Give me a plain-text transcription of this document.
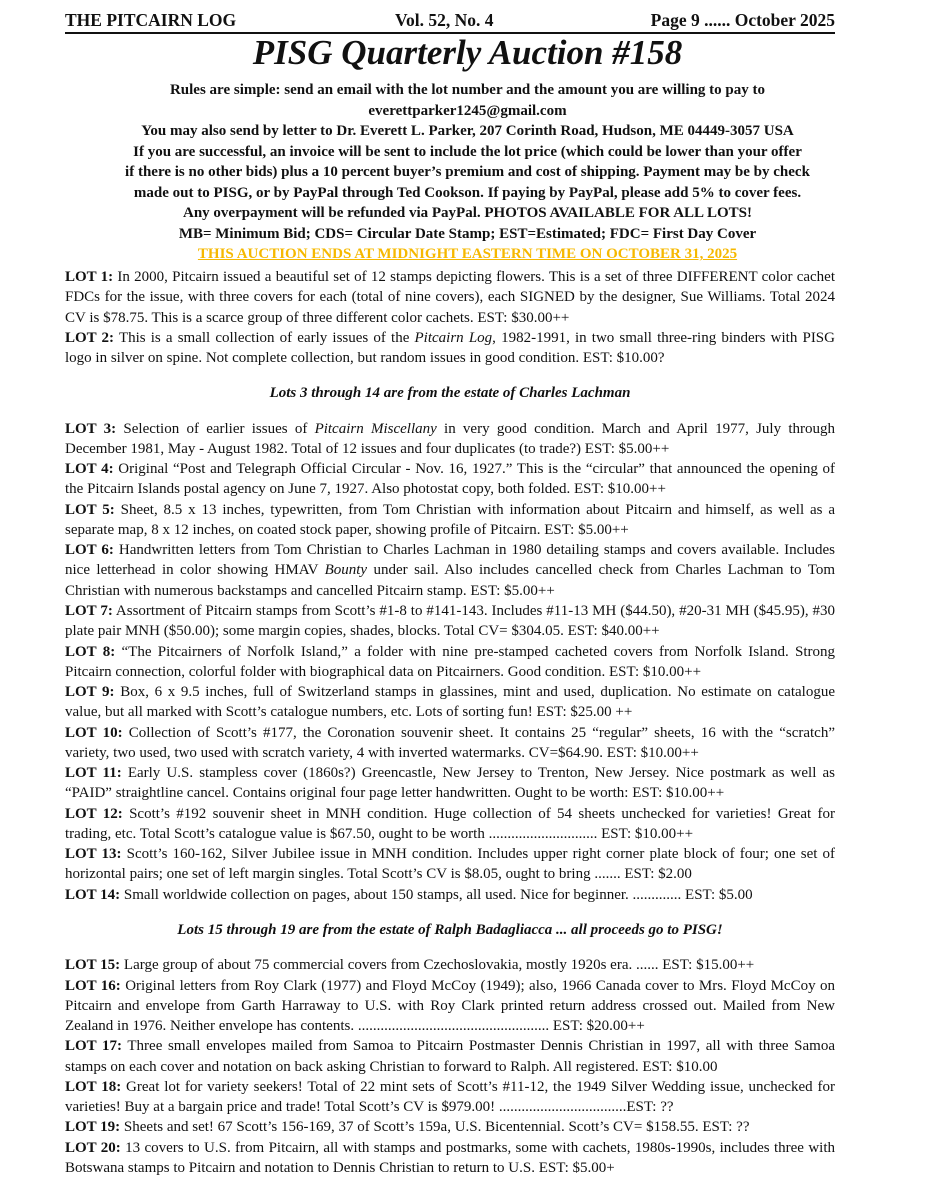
THE PITCAIRN LOG	Vol. 52, No. 4	Page 9 ...... October 2025
PISG Quarterly Auction #158
Rules are simple: send an email with the lot number and the amount you are willing to pay to
everettparker1245@gmail.com
You may also send by letter to Dr. Everett L. Parker, 207 Corinth Road, Hudson, ME 04449-3057 USA
If you are successful, an invoice will be sent to include the lot price (which could be lower than your offer
if there is no other bids) plus a 10 percent buyer’s premium and cost of shipping. Payment may be by check
made out to PISG, or by PayPal through Ted Cookson. If paying by PayPal, please add 5% to cover fees.
Any overpayment will be refunded via PayPal. PHOTOS AVAILABLE FOR ALL LOTS!
MB= Minimum Bid; CDS= Circular Date Stamp; EST=Estimated; FDC= First Day Cover
THIS AUCTION ENDS AT MIDNIGHT EASTERN TIME ON OCTOBER 31, 2025

LOT 1: In 2000, Pitcairn issued a beautiful set of 12 stamps depicting flowers. This is a set of three DIFFERENT color cachet FDCs for the issue, with three covers for each (total of nine covers), each SIGNED by the designer, Sue Williams. Total 2024 CV is $78.75. This is a scarce group of three different color cachets. EST: $30.00++

LOT 2: This is a small collection of early issues of the Pitcairn Log, 1982-1991, in two small three-ring binders with PISG logo in silver on spine. Not complete collection, but random issues in good condition. EST: $10.00?

Lots 3 through 14 are from the estate of Charles Lachman

LOT 3: Selection of earlier issues of Pitcairn Miscellany in very good condition. March and April 1977, July through December 1981, May - August 1982. Total of 12 issues and four duplicates (to trade?) EST: $5.00++

LOT 4: Original “Post and Telegraph Official Circular - Nov. 16, 1927.” This is the “circular” that announced the opening of the Pitcairn Islands postal agency on June 7, 1927. Also photostat copy, both folded. EST: $10.00++

LOT 5: Sheet, 8.5 x 13 inches, typewritten, from Tom Christian with information about Pitcairn and himself, as well as a separate map, 8 x 12 inches, on coated stock paper, showing profile of Pitcairn. EST: $5.00++

LOT 6: Handwritten letters from Tom Christian to Charles Lachman in 1980 detailing stamps and covers available. Includes nice letterhead in color showing HMAV Bounty under sail. Also includes cancelled check from Charles Lachman to Tom Christian with numerous backstamps and cancelled Pitcairn stamp. EST: $5.00++

LOT 7: Assortment of Pitcairn stamps from Scott’s #1-8 to #141-143. Includes #11-13 MH ($44.50), #20-31 MH ($45.95), #30 plate pair MNH ($50.00); some margin copies, shades, blocks. Total CV= $304.05. EST: $40.00++

LOT 8: “The Pitcairners of Norfolk Island,” a folder with nine pre-stamped cacheted covers from Norfolk Island. Strong Pitcairn connection, colorful folder with biographical data on Pitcairners. Good condition. EST: $10.00++

LOT 9: Box, 6 x 9.5 inches, full of Switzerland stamps in glassines, mint and used, duplication. No estimate on catalogue value, but all marked with Scott’s catalogue numbers, etc. Lots of sorting fun! EST: $25.00 ++

LOT 10: Collection of Scott’s #177, the Coronation souvenir sheet. It contains 25 “regular” sheets, 16 with the “scratch” variety, two used, two used with scratch variety, 4 with inverted watermarks. CV=$64.90. EST: $10.00++

LOT 11: Early U.S. stampless cover (1860s?) Greencastle, New Jersey to Trenton, New Jersey. Nice postmark as well as “PAID” straightline cancel. Contains original four page letter handwritten. Ought to be worth: EST: $10.00++

LOT 12: Scott’s #192 souvenir sheet in MNH condition. Huge collection of 54 sheets unchecked for varieties! Great for trading, etc. Total Scott’s catalogue value is $67.50, ought to be worth ............................. EST: $10.00++

LOT 13: Scott’s 160-162, Silver Jubilee issue in MNH condition. Includes upper right corner plate block of four; one set of horizontal pairs; one set of left margin singles. Total Scott’s CV is $8.05, ought to bring ....... EST: $2.00

LOT 14: Small worldwide collection on pages, about 150 stamps, all used. Nice for beginner. ............. EST: $5.00

Lots 15 through 19 are from the estate of Ralph Badagliacca ... all proceeds go to PISG!

LOT 15: Large group of about 75 commercial covers from Czechoslovakia, mostly 1920s era. ...... EST: $15.00++

LOT 16: Original letters from Roy Clark (1977) and Floyd McCoy (1949); also, 1966 Canada cover to Mrs. Floyd McCoy on Pitcairn and envelope from Garth Harraway to U.S. with Roy Clark printed return address crossed out. Mailed from New Zealand in 1976. Neither envelope has contents. ................................................... EST: $20.00++

LOT 17: Three small envelopes mailed from Samoa to Pitcairn Postmaster Dennis Christian in 1997, all with three Samoa stamps on each cover and notation on back asking Christian to forward to Ralph. All registered. EST: $10.00

LOT 18: Great lot for variety seekers! Total of 22 mint sets of Scott’s #11-12, the 1949 Silver Wedding issue, unchecked for varieties! Buy at a bargain price and trade! Total Scott’s CV is $979.00! ..................................EST: ??

LOT 19: Sheets and set! 67 Scott’s 156-169, 37 of Scott’s 159a, U.S. Bicentennial. Scott’s CV= $158.55. EST: ??

LOT 20: 13 covers to U.S. from Pitcairn, all with stamps and postmarks, some with cachets, 1980s-1990s, includes three with Botswana stamps to Pitcairn and notation to Dennis Christian to return to U.S. EST: $5.00+
